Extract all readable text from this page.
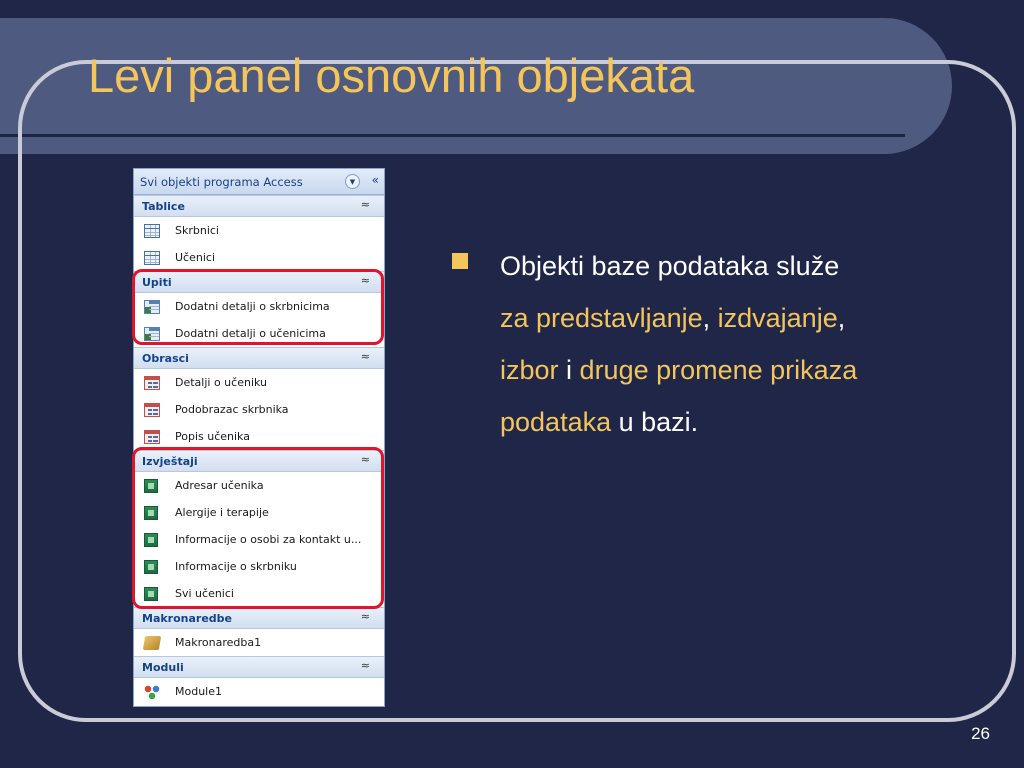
Levi panel osnovnih objekata
Svi objekti programa Access	▼	«
Tablice	≈
Skrbnici
Učenici
Upiti	≈
Dodatni detalji o skrbnicima
Dodatni detalji o učenicima
Obrasci	≈
Detalji o učeniku
Podobrazac skrbnika
Popis učenika
Izvještaji	≈
Adresar učenika
Alergije i terapije
Informacije o osobi za kontakt u...
Informacije o skrbniku
Svi učenici
Makronaredbe	≈
Makronaredba1
Moduli	≈
Module1
Objekti baze podataka služe za predstavljanje, izdvajanje, izbor i druge promene prikaza podataka u bazi.
26
